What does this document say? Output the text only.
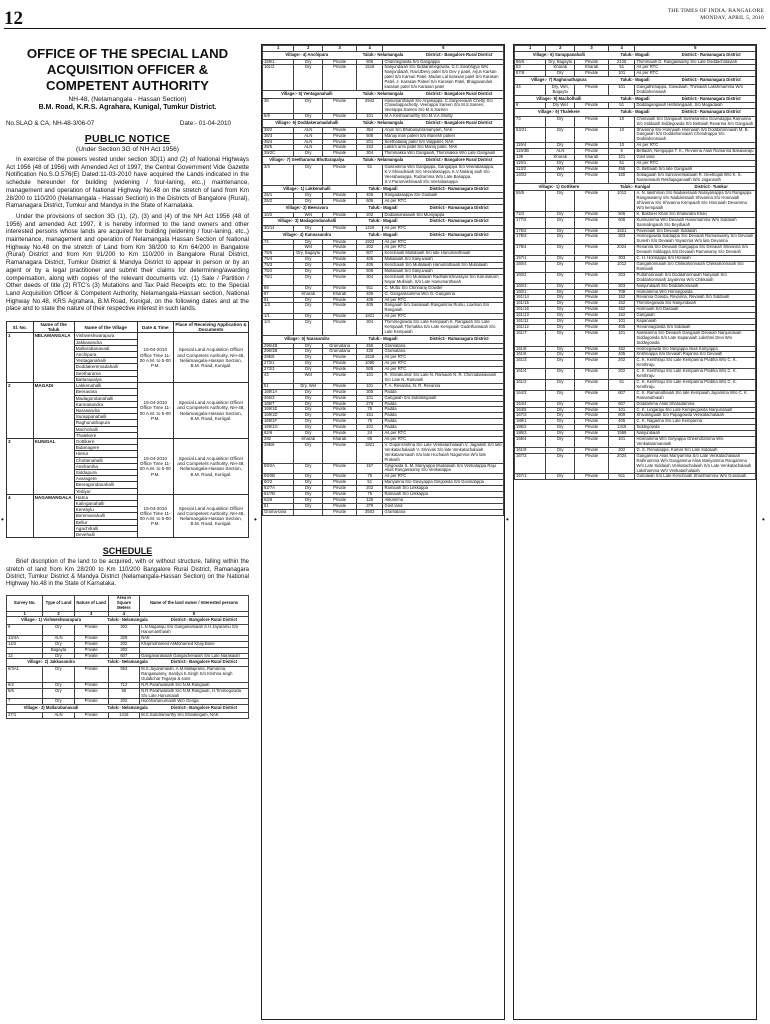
12	THE TIMES OF INDIA, BANGALORE
MONDAY, APRIL 5, 2010
•	•	•	•
OFFICE OF THE SPECIAL LAND
ACQUISITION OFFICER &
COMPETENT AUTHORITY
NH-48, (Nelamangala - Hassan Section)
B.M. Road, K.R.S. Agrahara, Kunigal, Tumkur District.
No.SLAO & CA, NH-48-3/06-07	Date:- 01-04-2010
PUBLIC NOTICE
(Under Section 3G of NH Act 1956)

In exercise of the powers vested under section 3D(1) and (2) of National Highways Act 1956 (48 of 1956) with Amended Act of 1997, the Central Government Vide Gazette Notification No.S.O.576(E) Dated:11-03-2010 have acquired the Lands indicated in the schedule hereunder for building (widening / four-laning, etc.,) maintenance, management and operation of National Highway No.48 on the stretch of land from Km 28/200 to 110/200 (Nelamangala - Hassan Section) in the Districts of Bangalore (Rural), Ramanagara District, Tumkur and Mandya in the State of Karnataka.

Under the provisions of section 3G (1), (2), (3) and (4) of the NH Act 1956 (48 of 1956) and amended Act 1997, it is hereby informed to the land owners and other interested persons whose lands are acquired for building (widening / four-laning, etc.,) maintenance, management and operation of Nelamangala Hassan Section of National Highway No.48 on the stretch of Land from Km 38/200 to Km 64/200 in Bangalore (Rural) District and from Km 91/200 to Km 110/200 in Bangalore Rural District, Ramanagara District, Tumkur District & Mandya District to appear in person or by an agent or by a legal practitioner and submit their claims for determining/awarding compensation, along with copies of the relevant documents viz. (1) Sale / Partition / Other deeds of title (2) RTC's (3) Mutations and Tax Paid Receipts etc. to the Special Land Acquisition Officer & Competent Authority, Nelamangala-Hassan section, National Highway No.48, KRS Agrahara, B.M.Road, Kunigal, on the following dates and at the place and to state the nature of their respective interest in such lands.

Sl. No.	Name of the Taluk	Name of the Village	Date & Time	Place of Receiving Application & Documents
1	NELAMANGALA	Vishweshwarapura	15-04-2010 Office Time 11-00 A.M. to 5-00 P.M.	Special Land Acquisition Officer and Competent Authority, NH-48, Nelamangala-Hassan Section, B.M. Road, Kunigal.
		Jakkasandra		
		Mallarabanavadi		
		Anchipura		
		Yentaganahalli		
		Doddakeremadahalli		
		Seetharama		
		Battarapalya		
2	MAGADI	Lakkenahalli	15-04-2010 Office Time 11-00 A.M. to 5-00 P.M.	Special Land Acquisition Officer and Competent Authority, NH-48, Nelamangala-Hassan Section, B.M. Road, Kunigal.
		Beeravara		
		Madagondanahalli		
		Kannasandra		
		Narasandra		
		Surappanahalli		
		Raghunathapura		
		Machohalli		
		Thalekere		
3	KUNIGAL	Gottikere	15-04-2010 Office Time 11-00 A.M. to 5-00 P.M.	Special Land Acquisition Officer and Competent Authority, NH-48, Nelamangala-Hassan Section, B.M. Road, Kunigal.
		Bidanagere		
		Hierur		
		Chottenahalli		
		Anehantha		
		Siddapura		
		Avaragere		
		Beeragondanahalli		
		Yediyur		
4	NAGAMANGALA	Hatna	15-04-2010 Office Time 11-00 A.M. to 5-00 P.M.	Special Land Acquisition Officer and Competent Authority, NH-48, Nelamangala-Hassan Section, B.M. Road, Kunigal.
		Kalinganahalli		
		Kerebylu		
		Bommanahalli		
		Bellur		
		Agachihalli		
		Devehalli		
SCHEDULE

Brief discription of the land to be acquired, with or without structure, falling within the stretch of land from Km 28/200 to Km 110/200 Bangalore Rural District, Ramanagara District, Tumkur District & Mandya District (Nelamangala-Hassan Section) on the National Highway No.48 in the State of Karnataka.

Survey No.	Type of Land	Nature of Land	Area in Square Meters	Name of the land owner / Interested persons
1	2	3	4	5
Village:- 1) Vishweshwarapura Taluk:- Nelamangala District:- Bangalore Rural District				
9	Dry	Private	302	L.N.Nagaraju S/o Ganganarsaiah S.H.Jayaramu S/o Hanumanthaiah
13/4A	ALN	Private	329	NAK
14/2	Dry	Private	202	Khajimohamed AliMohamed Khaji Bane
	Bagayta	Private	202	
12	Dry	Private	607	Ganganarasaiah Gangachenaiah S/o Late.Narasaiah
Village:- 2) Jakkasandra Taluk:- Nelamangala District:- Bangalore Rural District				
6/3A1	Dry	Private	953	M.S.Jayaramaiah, A.M.Mallajirana, Ramanna, Rangaswamy, Sandya K.Singh S/o Krishna singh Gulabchar Tegarya & sons
6/2	Dry	Private	712	N.R.Parahwanath S/o N.M.Rangaiah
6/6	Dry	Private	55	N.R.Parahwanath S/o N.M.Rangaiah, H.Timmegowda S/o Late.Hanumaiah
7	Dry	Private	202	Huchhahanumaiah W/o Genga
Village:- 3) Mallarabanavadi Taluk:- Nelamangala District:- Bangalore Rural District				
27/1	ALN	Private	1416	M.C.Sundramurthy S/o Shivalingam, NAK
1	2	3	4	5
Village:- 4) Anchipura Taluk:- Nelamangala District:- Bangalore Rural District				
159/1	Dry	Private	506	Channegowda S/o Gangappa
161/2	Dry	Private	1518	Nanjundaiah S/o Siddaramegowda, G.C.Sowbhgya W/o Nanjundaiah, RaviJDevy patel S/o Dev y patel, Arjun Karsan patel S/o Karsan Patel, Madan Lal karasan patel S/o Karasan Patel, J. Karasan Pateel S/o Karasan Patel, Bhagavandas karasan patel S/o Karasan patel
Village:- 5) Yentaganahalli Taluk:- Nelamangala District:- Bangalore Rural District				
36	Dry	Private	2942	Hanumanthaiah S/o Anjanappa, C.Sanjeevaiah Chetty S/o Chowdappachetty, Veerappa Sareen S/o M.S.Sareen, Veerappa Sareen S/o M.S.Sareen
5/9	Dry	Private	101	M.A.Krishnamurthy S/o M.V.A.Shetty
Village:- 6) Doddakeramadahalli Taluk:- Nelamangala District:- Bangalore Rural District				
38/2	ALN	Private	354	Arjun S/o Bhabasubramanyam, NAK
38/3	ALN	Private	506	Manaji man pateel S/o Manesh pateel
38/4	ALN	Private	201	Seethalaivaj patel S/o Valjipatel, NAK
38/5	ALN	Private	152	Laksm anni patel S/o Manoj patel, NAK
39/2C	Dry	Private	304	Thimmakka W/o Gangaiah, Thimmakka W/o Late.Gangaiah
Village:- 7) Seetharama Bhuttarapalya Taluk:- Nelamangala District:- Bangalore Rural District				
3/3	Dry	Private	51	Gowramma W/o Gangappa, Gangappa S/o Veerabasappa, K.V.Shivadraiah S/o Veerabasappa, K.V.Nataraj aiah S/o Veerabasappa, Rudramma W/o Late.Basappa, S.V.Paramashivaiah S/o Veerabasappa
Village:- 1) Lakkenahalli Taluk:- Magadi District:- Ramanagara District				
25/1	Dry	Private	405	Rangadasappa S/o Gudaiah
25/2	Dry	Private	606	As per RTC
Village:- 2) Beeravara Taluk:- Magadi District:- Ramanagara District				
10/2	Wet	Private	202	Doddanarasaiah S/o Muniyappa
Village:- 3) Madagondanahalli Taluk:- Magadi District:- Ramanagara District				
30/14	Dry	Private	1416	As per RTC
Village:- 4) Kannasandra Taluk:- Magadi District:- Ramanagara District				
74	Dry	Private	1922	As per RTC
	Wet	Private	202	As per RTC
75/5	Dry, Bagaytu	Private	607	Kenchaiah Mullalaiah S/o late Hanumanthaiah
75/4	Dry	Private	405	Mullalaiah S/o Sanjuvaiah
75/3	Dry	Private	405	Kenchaiah S/o Mullalaiah Hanumathaiah S/o Mullalaiah
75/2	Dry	Private	506	Mullalaiah S/o Sanjuvaiah
75/1	Dry	Private	304	Kenchaiah S/o Mullalaiah Radhakrishnarayar S/o Karunakarn Nayar Mullaiah, S/o Late Hanumanthaiah
88	Dry	Private	911	C. Muttu S/o Chinnaraj Gowder
87	Kharab	Kharab	405	G. Gangarasamma W/o G. Ganganna
91	Dry	Private	405	As per RTC
1/3	Dry	Private	405	Rangaiah S/o Sasalaiah Rangamma Rumu, Laxman S/o Rangaiah
1/1	Dry	Private	1821	As per RTC
1/4	Dry	Private	304	Thimmegowda S/o Late Kempaiah K. Rangaiah S/o Late Kempaiah Thimakka S/o Late Kempaiah Gudethamaiah S/o Late Kempaiah
Village:- 5) Narasandra Taluk:- Magadi District:- Ramanagara District				
296/4B	Dry	Gramatana	455	Gramatana
296/3B	Dry	Gramatana	430	Gramatana
296/5	Dry	Private	1518	As per RTC
273/1	Dry	Private	1080	As per RTC
273/3	Dry	Private	505	As per RTC
43	Wet	Private	101	R. Shivakumar S/o Late N. Ramaiah N. R. Chinnabasavaiah S/o Late N. Ramaiah
51	Dry, Wet	Private	101	T. A. Revanna, N. R. Revanna
169/1A	Dry	Private	305	Padda
266/3	Dry	Private	101	Gangaiah S/o Siddalingaiah
169/7	Dry	Private	278	Padda
169/1E	Dry	Private	76	Padda
169/1D	Dry	Private	151	Padda
169/1F	Dry	Private	76	Padda
169/1G	Dry	Private	101	Padda
62/6	Dry	Private	24	As per RTC
292	Kharab	Kharab	66	As per RTC
296/6	Dry	Private	1821	V. Gopal krishna S/o Late Venkatachalaiah V. Jagadish S/o late Venkatachalaiah V. Srinivas S/o late Venkatachalaiah Venkataramaiah S/o late Huchaiah Nagamma W/o late Prakash
59/2A	Dry	Private	157	Girigowda S. M. Mariyappa Mudalaiah S/o Venkatappa Raju Alias Rangaswamy S/o Venkatappa
59/2B	Dry	Private	75	As per RTC
60/2	Dry	Private	51	Mariyanna S/o Gaviyappa Girigowda S/o Govindappa
62/7A	Dry	Private	202	Ramaiah S/o Lekkappa
62/7B	Dry	Private	75	Ramaiah S/o Lekkappa
62/6	Dry	Private	126	Akkamma
61	Dry	Private	379	Govt land
Grama-tana		Private	3503	Gramatana
1	2	3	4	5
Village:- 6) Surappanahalli Taluk:- Magadi District:- Ramanagara District				
86/6	Dry, Bagaytu	Private	2125	Thimmaiah D. Rangaswamy S/o Late Doddacholaviah
53	Kharab	Kharab	51	As per RTC
67/8	Dry	Private	101	As per RTC
Village:- 7) Raghunathapura Taluk:- Magadi District:- Ramanagara District				
44	Dry, Wet, Bagaytu	Private	101	Gangathimappa, Gowdaiah, Thimaiah Lakshmamma W/o Doddahonnaiah
Village:- 8) Macholhalli Taluk:- Magadi District:- Ramanagara District				
6	Dry Wet	Private	51	Doddagangaiah Hettirangaiah, S/o Magadaiah
Village:- 9) Thalekere Taluk:- Magadi District:- Ramanagara District				
73	Dry	Private	10	Chinnaiah S/o Gangaiah Sushelamma Govindappa Ramanna S/o Siddaiah Siddegowda S/o Bettaiah Revanna S/o Gangaiah
63/21	Dry	Private	10	Shivanna S/o Honnaiah Honnaiah S/o Doddahonnaiah M. B. Gangaiah S/o Doddahonnaiah Chendrappa S/o Doddahonnaiah
119/4	Dry	Private	10	As per RTC
119/3B	ALN	Private	5	Bettaiah, Nengappa T. K., Revanna Alias Ramanna Basavaraju
139	Kharab	Kharab	101	Govt land
119/1	Dry	Private	51	As per RTC
113/2	Wet	Private	455	G. Bettaiah S/o late Gangaiah
140/2	Dry	Private	160	Sobagaiah S/o Sannovenkataiah R. Geethajali W/o K. S. Narasimaiah Rekhajaganaath W/o Jagannath
Village:- 1) Gottikere Taluk:- Kunigal District:- Tumkur				
55/5	Dry	Private	1012	A. N. lakshman S/o Nadukeraiah Narayanappa S/o Rangappa Rangaswamy S/o Nadukeraiah Shivanna S/o Honnaiah Shivanna S/o Shivanna Kempaiah S/o Honnaiah Devamma W/o kempaiah
72/2	Dry	Private	506	K. Basheer Khan S/o Khalandra Khan
177/2	Dry	Private	606	Kurimamma W/o Devaiah Hanumamma W/o Siddaiah Sannalingaiah S/o Beydiaiah
178/2	Dry	Private	1821	Paveraiah S/o Devaiah Siddaiah
178/3	Dry	Private	303	Honnegowda Siddappa S/o Devaiah Ramaswamy S/o Devaiah Suresh S/o Devaiah Yayamma W/o late Devanna
178/4	Dry	Private	2024	Revanna S/o Devaiah Gangappa S/o Devaiah Shivanna S/o Devaiah Siddappa S/o Devaiah Ramasamy S/o Devaiah
157/1	Dry	Private	303	C. H. Honnappa S/o Honaiah
160/4	Dry	Private	1012	Gangahonnaiah S/o Chikkahonnaiah Chikkahonnaiah S/o Ramaiah
160/2	Dry	Private	303	Puttahonnaiah S/o Doddahonnaiah Nanjaiah S/o Doddahonnaiah Jayamma W/o Chikkaiah
160/3	Dry	Private	303	Nanjundaiah S/o Doddahonnaiah
160/1	Dry	Private	708	Honnamma W/o Honnegowda
161/14	Dry	Private	152	Revanna Gowda, Revanna, Revaiah S/o Siddaiah
161/15	Dry	Private	152	Thimmegowda S/o Nanjundaiah
161/16	Dry	Private	152	Honnaiah S/o Dasaiah
161/13	Dry	Private	152	Gangaiah
161/11	Dry	Private	101	Kapanaiah
161/12	Dry	Private	405	Revannagowda S/o Siddaiah
161/7	Dry	Private	101	Narasanna S/o Devaiah Gangaiah Devaiah Nanjundaiah Siddagowda S/o Late Kapanaiah Lakshmi Devi W/o Siddegowda
161/8	Dry	Private	152	Honnegowda S/o Nanjappa Alias Kariyappa
161/6	Dry	Private	405	Krishnappa S/o Devaiah Rajanna S/o Devaiah
161/3	Dry	Private	202	C. K. Kenthraju S/o Late Kempanna Prabha W/o C. K. Kenthraju
161/4	Dry	Private	202	C. K. Kenthraju S/o Late Kempanna Prabha W/o C. K. Kenthraju
161/2	Dry	Private	51	C. K. Kenthraju S/o Late Kempanna Prabha W/o C. K. Kenthraju
164/3	Dry	Private	607	C. K. Ramanathaiah S/o late Kempaiah Jayamma W/o C. K. Ramanathaiah
164/4	Dry	Private	607	Doddamma Alias Sharadamma
164/5	Dry	Private	101	C. K. Lingaraju S/o Late Kempegowda Nanjundaiah
167/3	Dry	Private	809	Shivalingaiah S/o Papagowda Venkatachalaiah
189/1	Dry	Private	405	C. K. Naganna S/o Late Kempanna
186/2	Dry	Private	1315	Siddegowda
186/3	Dry	Private	1569	Nanjundaiah
166/4	Dry	Private	101	Honnamma W/o Giriyappa Gheendramma W/o Venkataramanaiah
161/9	Dry	Private	202	G. S. Renukappa, Kumar S/o Late Siddaiah
167/2	Dry	Private	2024	Gangamma Alias Mariyamma S/o Late Venkatachalaiah Rathnamma W/o Gangamma Alias Mariyamma Rangamma W/o Late Siddaiah Venkatachalaiah S/o Late Venkatachalaiah Lakshamma W/o Venkatachalaiah
167/1	Dry	Private	911	Gundaiah S/o Late Kenchaiah Shanthamma W/o Gundaiah
